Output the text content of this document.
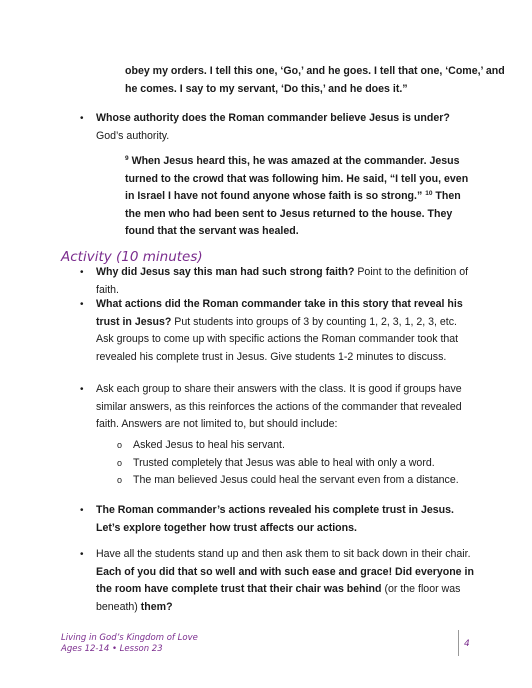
obey my orders. I tell this one, ‘Go,’ and he goes. I tell that one, ‘Come,’ and
he comes. I say to my servant, ‘Do this,’ and he does it.”
• Whose authority does the Roman commander believe Jesus is under? God’s authority.
$^9$ When Jesus heard this, he was amazed at the commander. Jesus turned to the crowd that was following him. He said, “I tell you, even in Israel I have not found anyone whose faith is so strong.” $^{10}$ Then the men who had been sent to Jesus returned to the house. They found that the servant was healed.
Activity (10 minutes)
• Why did Jesus say this man had such strong faith? Point to the definition of faith.
• What actions did the Roman commander take in this story that reveal his trust in Jesus? Put students into groups of 3 by counting 1, 2, 3, 1, 2, 3, etc. Ask groups to come up with specific actions the Roman commander took that revealed his complete trust in Jesus. Give students 1-2 minutes to discuss.
• Ask each group to share their answers with the class. It is good if groups have similar answers, as this reinforces the actions of the commander that revealed faith. Answers are not limited to, but should include:
o Asked Jesus to heal his servant.
o Trusted completely that Jesus was able to heal with only a word.
o The man believed Jesus could heal the servant even from a distance.
• The Roman commander’s actions revealed his complete trust in Jesus. Let’s explore together how trust affects our actions.
• Have all the students stand up and then ask them to sit back down in their chair. Each of you did that so well and with such ease and grace! Did everyone in the room have complete trust that their chair was behind (or the floor was beneath) them?
Living in God’s Kingdom of Love
Ages 12-14 • Lesson 23	4
